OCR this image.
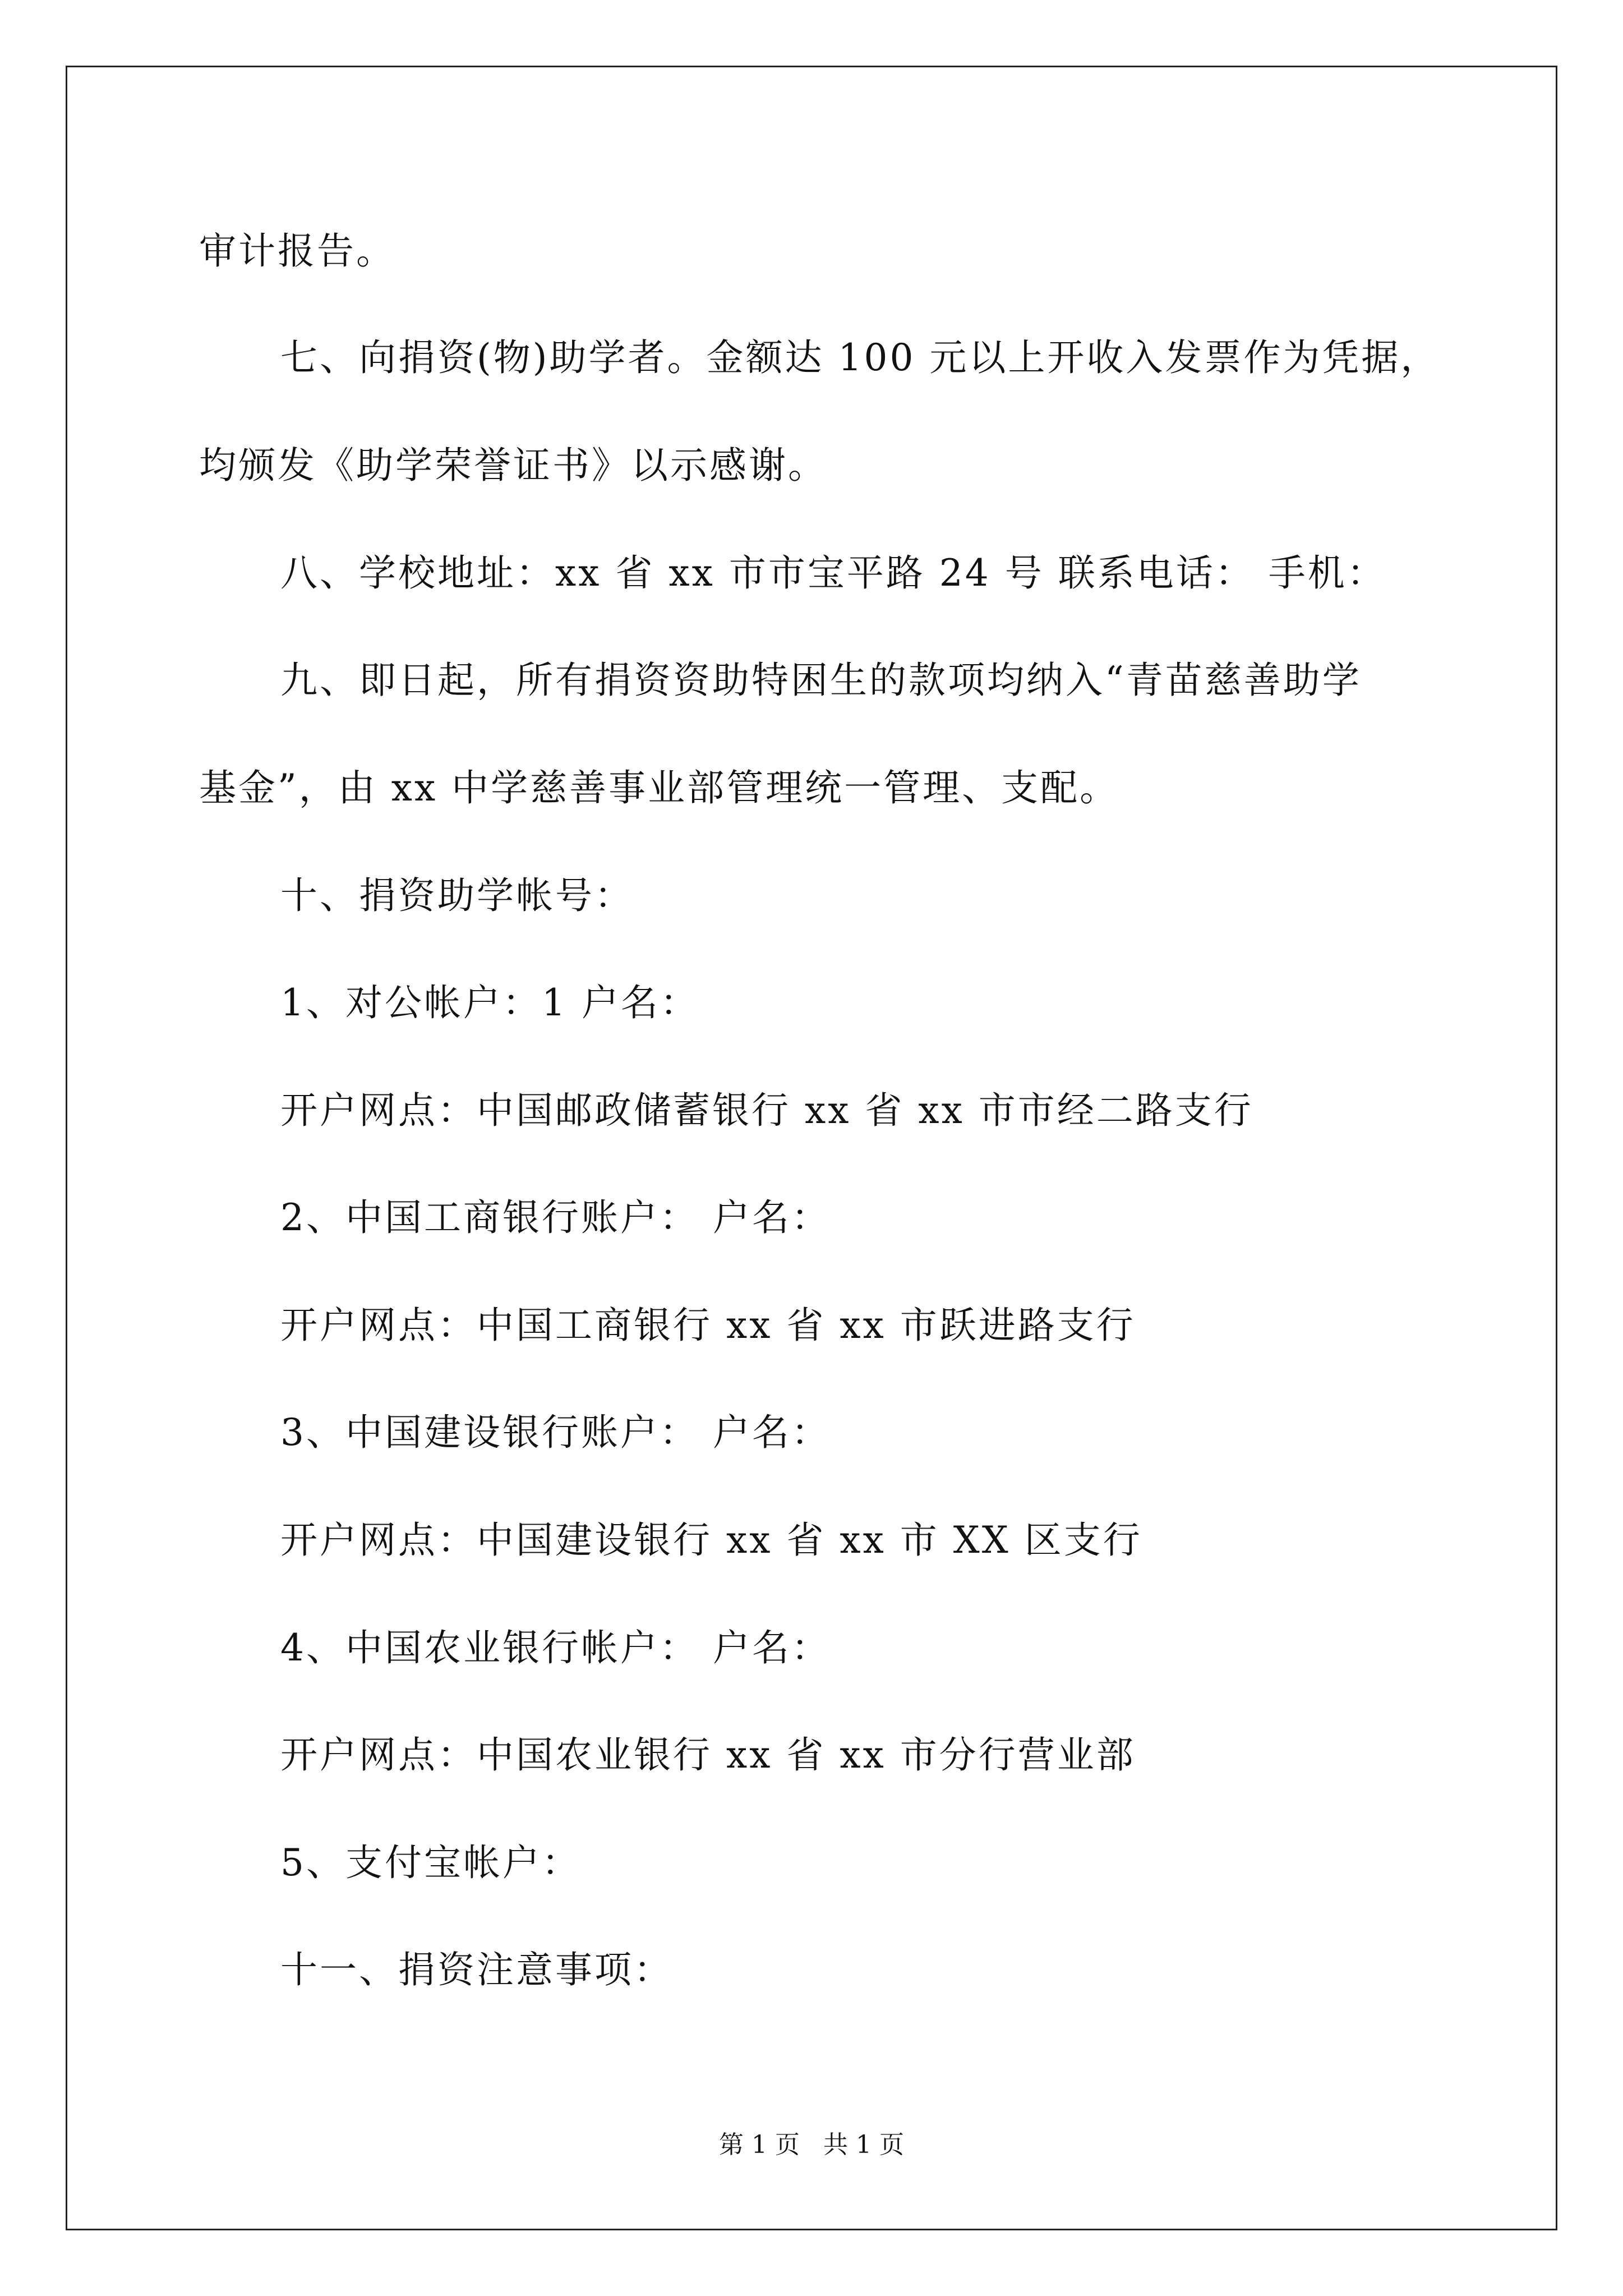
审计报告。
七、向捐资(物)助学者。金额达 100 元以上开收入发票作为凭据，
均颁发《助学荣誉证书》以示感谢。
八、学校地址：xx 省 xx 市市宝平路 24 号 联系电话： 手机：
九、即日起，所有捐资资助特困生的款项均纳入“青苗慈善助学
基金”，由 xx 中学慈善事业部管理统一管理、支配。
十、捐资助学帐号：
1、对公帐户：1 户名：
开户网点：中国邮政储蓄银行 xx 省 xx 市市经二路支行
2、中国工商银行账户： 户名：
开户网点：中国工商银行 xx 省 xx 市跃进路支行
3、中国建设银行账户： 户名：
开户网点：中国建设银行 xx 省 xx 市 XX 区支行
4、中国农业银行帐户： 户名：
开户网点：中国农业银行 xx 省 xx 市分行营业部
5、支付宝帐户：
十一、捐资注意事项：
第 1 页   共 1 页
